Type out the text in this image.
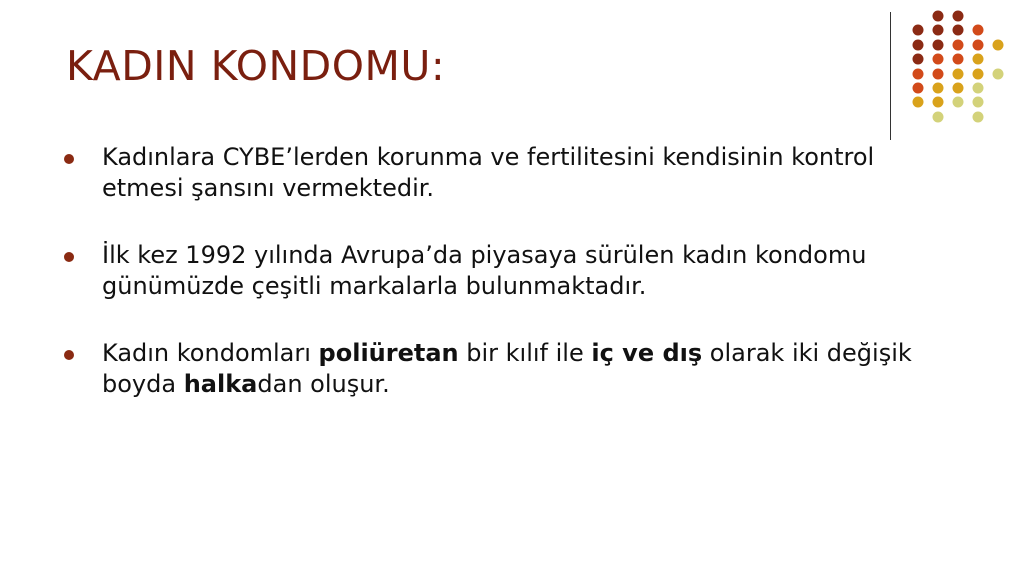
KADIN KONDOMU:
Kadınlara CYBE’lerden korunma ve fertilitesini kendisinin kontrol etmesi şansını vermektedir.
İlk kez 1992 yılında Avrupa’da piyasaya sürülen kadın kondomu günümüzde çeşitli markalarla bulunmaktadır.
Kadın kondomları poliüretan bir kılıf ile iç ve dış olarak iki değişik boyda halkadan oluşur.
